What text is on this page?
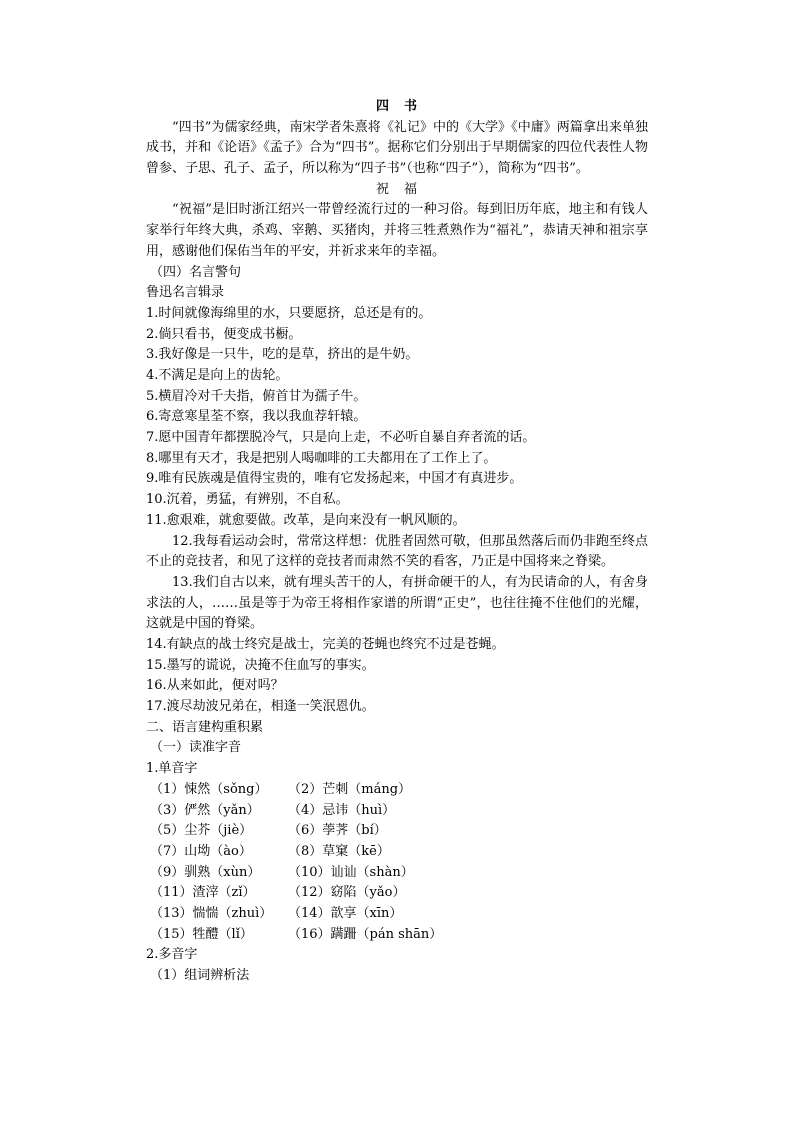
四　书
“四书”为儒家经典，南宋学者朱熹将《礼记》中的《大学》《中庸》两篇拿出来单独成书，并和《论语》《孟子》合为“四书”。据称它们分别出于早期儒家的四位代表性人物曾参、子思、孔子、孟子，所以称为“四子书”（也称“四子”），简称为“四书”。
祝　福
“祝福”是旧时浙江绍兴一带曾经流行过的一种习俗。每到旧历年底，地主和有钱人家举行年终大典，杀鸡、宰鹅、买猪肉，并将三牲煮熟作为“福礼”，恭请天神和祖宗享用，感谢他们保佑当年的平安，并祈求来年的幸福。
（四）名言警句
鲁迅名言辑录
1.时间就像海绵里的水，只要愿挤，总还是有的。
2.倘只看书，便变成书橱。
3.我好像是一只牛，吃的是草，挤出的是牛奶。
4.不满足是向上的齿轮。
5.横眉冷对千夫指，俯首甘为孺子牛。
6.寄意寒星荃不察，我以我血荐轩辕。
7.愿中国青年都摆脱冷气，只是向上走，不必听自暴自弃者流的话。
8.哪里有天才，我是把别人喝咖啡的工夫都用在了工作上了。
9.唯有民族魂是值得宝贵的，唯有它发扬起来，中国才有真进步。
10.沉着，勇猛，有辨别，不自私。
11.愈艰难，就愈要做。改革，是向来没有一帆风顺的。
12.我每看运动会时，常常这样想：优胜者固然可敬，但那虽然落后而仍非跑至终点不止的竞技者，和见了这样的竞技者而肃然不笑的看客，乃正是中国将来之脊梁。
13.我们自古以来，就有埋头苦干的人，有拼命硬干的人，有为民请命的人，有舍身求法的人，……虽是等于为帝王将相作家谱的所谓“正史”，也往往掩不住他们的光耀，这就是中国的脊梁。
14.有缺点的战士终究是战士，完美的苍蝇也终究不过是苍蝇。
15.墨写的谎说，决掩不住血写的事实。
16.从来如此，便对吗？
17.渡尽劫波兄弟在，相逢一笑泯恩仇。
二、语言建构重积累
（一）读准字音
1.单音字
（1）悚然（sǒng） （2）芒刺（máng）
（3）俨然（yǎn） （4）忌讳（huì）
（5）尘芥（jiè）	（6）荸荠（bí）
（7）山坳（ào）	（8）草窠（kē）
（9）驯熟（xùn） （10）讪讪（shàn）
（11）渣滓（zǐ） （12）窈陷（yǎo）
（13）惴惴（zhuì） （14）歆享（xīn）
（15）牲醴（lǐ）	（16）蹒跚（pán shān）
2.多音字
（1）组词辨析法
